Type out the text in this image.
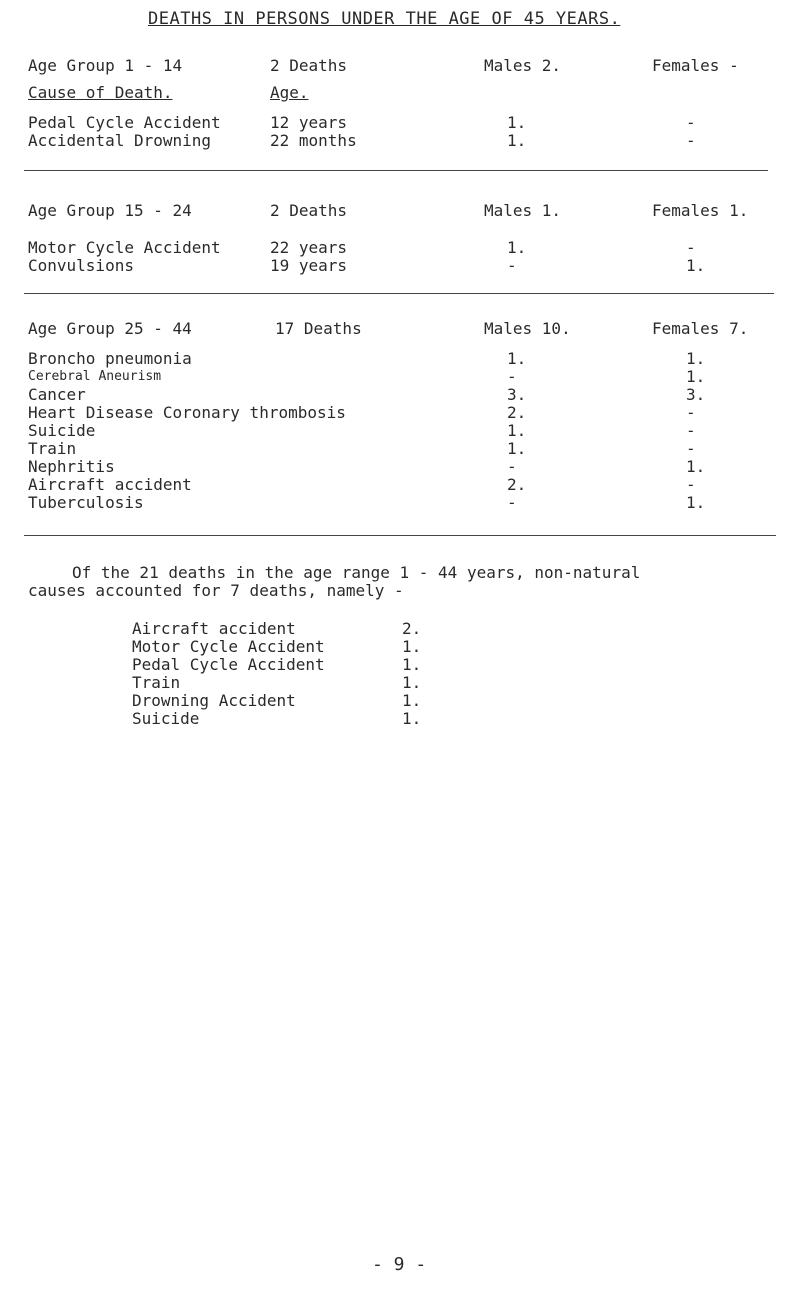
DEATHS IN PERSONS UNDER THE AGE OF 45 YEARS.
Age Group 1 - 14	2 Deaths	Males 2.	Females -
Cause of Death.	Age.
Pedal Cycle Accident	12 years	1.	-
Accidental Drowning	22 months	1.	-
Age Group 15 - 24	2 Deaths	Males 1.	Females 1.
Motor Cycle Accident	22 years	1.	-
Convulsions	19 years	-	1.
Age Group 25 - 44	17 Deaths	Males 10.	Females 7.
Broncho pneumonia	1.	1.
Cerebral Aneurism	-	1.
Cancer	3.	3.
Heart Disease Coronary thrombosis	2.	-
Suicide	1.	-
Train	1.	-
Nephritis	-	1.
Aircraft accident	2.	-
Tuberculosis	-	1.
Of the 21 deaths in the age range 1 - 44 years, non-natural
causes accounted for 7 deaths, namely -
Aircraft accident	2.
Motor Cycle Accident	1.
Pedal Cycle Accident	1.
Train	1.
Drowning Accident	1.
Suicide	1.
- 9 -
